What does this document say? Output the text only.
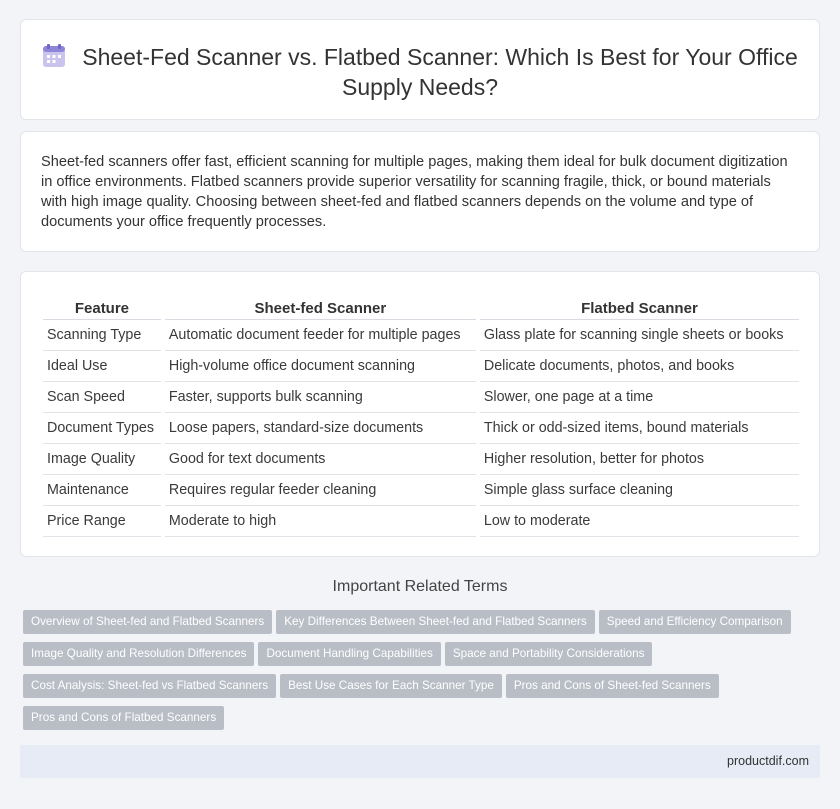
Sheet-Fed Scanner vs. Flatbed Scanner: Which Is Best for Your Office Supply Needs?

Sheet-fed scanners offer fast, efficient scanning for multiple pages, making them ideal for bulk document digitization in office environments. Flatbed scanners provide superior versatility for scanning fragile, thick, or bound materials with high image quality. Choosing between sheet-fed and flatbed scanners depends on the volume and type of documents your office frequently processes.

Feature	Sheet-fed Scanner	Flatbed Scanner
Scanning Type	Automatic document feeder for multiple pages	Glass plate for scanning single sheets or books
Ideal Use	High-volume office document scanning	Delicate documents, photos, and books
Scan Speed	Faster, supports bulk scanning	Slower, one page at a time
Document Types	Loose papers, standard-size documents	Thick or odd-sized items, bound materials
Image Quality	Good for text documents	Higher resolution, better for photos
Maintenance	Requires regular feeder cleaning	Simple glass surface cleaning
Price Range	Moderate to high	Low to moderate
Important Related Terms
Overview of Sheet-fed and Flatbed Scanners Key Differences Between Sheet-fed and Flatbed Scanners Speed and Efficiency Comparison
Image Quality and Resolution Differences Document Handling Capabilities Space and Portability Considerations
Cost Analysis: Sheet-fed vs Flatbed Scanners Best Use Cases for Each Scanner Type Pros and Cons of Sheet-fed Scanners
Pros and Cons of Flatbed Scanners
productdif.com
